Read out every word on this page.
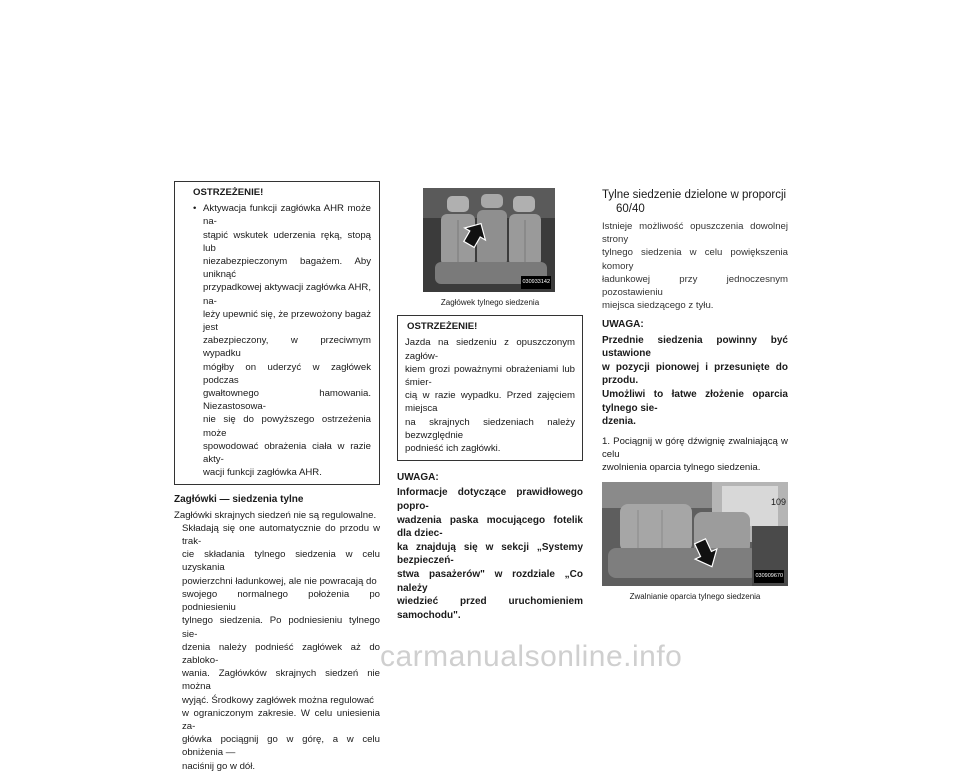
OSTRZEŻENIE!
• Aktywacja funkcji zagłówka AHR może na-
stąpić wskutek uderzenia ręką, stopą lub
niezabezpieczonym bagażem. Aby uniknąć
przypadkowej aktywacji zagłówka AHR, na-
leży upewnić się, że przewożony bagaż jest
zabezpieczony, w przeciwnym wypadku
mógłby on uderzyć w zagłówek podczas
gwałtownego hamowania. Niezastosowa-
nie się do powyższego ostrzeżenia może
spowodować obrażenia ciała w razie akty-
wacji funkcji zagłówka AHR.
Zagłówki — siedzenia tylne

Zagłówki skrajnych siedzeń nie są regulowalne.
Składają się one automatycznie do przodu w trak-
cie składania tylnego siedzenia w celu uzyskania
powierzchni ładunkowej, ale nie powracają do
swojego normalnego położenia po podniesieniu
tylnego siedzenia. Po podniesieniu tylnego sie-
dzenia należy podnieść zagłówek aż do zabloko-
wania. Zagłówków skrajnych siedzeń nie można
wyjąć. Środkowy zagłówek można regulować
w ograniczonym zakresie. W celu uniesienia za-
główka pociągnij go w górę, a w celu obniżenia —
naciśnij go w dół.

030933142
Zagłówek tylnego siedzenia
OSTRZEŻENIE!

Jazda na siedzeniu z opuszczonym zagłów-
kiem grozi poważnymi obrażeniami lub śmier-
cią w razie wypadku. Przed zajęciem miejsca
na skrajnych siedzeniach należy bezwzględnie
podnieść ich zagłówki.

UWAGA:
Informacje dotyczące prawidłowego popro-
wadzenia paska mocującego fotelik dla dziec-
ka znajdują się w sekcji „Systemy bezpieczeń-
stwa pasażerów" w rozdziale „Co należy
wiedzieć przed uruchomieniem samochodu".
Tylne siedzenie dzielone w proporcji
60/40

Istnieje możliwość opuszczenia dowolnej strony
tylnego siedzenia w celu powiększenia komory
ładunkowej przy jednoczesnym pozostawieniu
miejsca siedzącego z tyłu.

UWAGA:
Przednie siedzenia powinny być ustawione
w pozycji pionowej i przesunięte do przodu.
Umożliwi to łatwe złożenie oparcia tylnego sie-
dzenia.

1. Pociągnij w górę dźwignię zwalniającą w celu
zwolnienia oparcia tylnego siedzenia.

030909670
Zwalnianie oparcia tylnego siedzenia
109
carmanualsonline.info
